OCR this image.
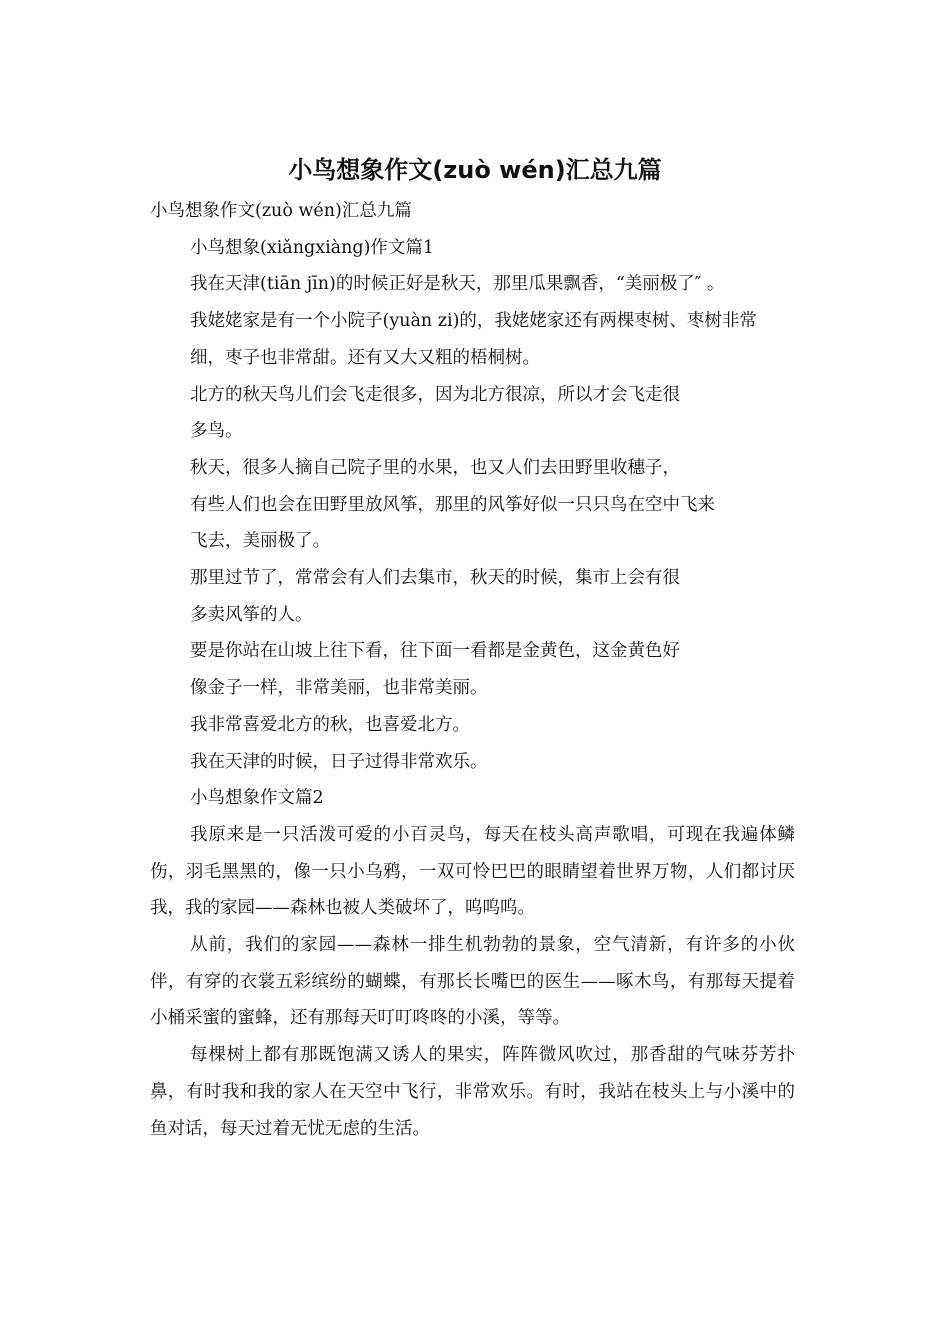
小鸟想象作文(zuò wén)汇总九篇

小鸟想象作文(zuò wén)汇总九篇

小鸟想象(xiǎngxiàng)作文篇1

我在天津(tiān jīn)的时候正好是秋天，那里瓜果飘香，“美丽极了″ 。

我姥姥家是有一个小院子(yuàn zi)的，我姥姥家还有两棵枣树、枣树非常

细，枣子也非常甜。还有又大又粗的梧桐树。

北方的秋天鸟儿们会飞走很多，因为北方很凉，所以才会飞走很

多鸟。

秋天，很多人摘自己院子里的水果，也又人们去田野里收穗子，

有些人们也会在田野里放风筝，那里的风筝好似一只只鸟在空中飞来

飞去，美丽极了。

那里过节了，常常会有人们去集市，秋天的时候，集市上会有很

多卖风筝的人。

要是你站在山坡上往下看，往下面一看都是金黄色，这金黄色好

像金子一样，非常美丽，也非常美丽。

我非常喜爱北方的秋，也喜爱北方。

我在天津的时候，日子过得非常欢乐。

小鸟想象作文篇2

我原来是一只活泼可爱的小百灵鸟，每天在枝头高声歌唱，可现在我遍体鳞伤，羽毛黑黑的，像一只小乌鸦，一双可怜巴巴的眼睛望着世界万物，人们都讨厌我，我的家园——森林也被人类破坏了，呜呜呜。

从前，我们的家园——森林一排生机勃勃的景象，空气清新，有许多的小伙伴，有穿的衣裳五彩缤纷的蝴蝶，有那长长嘴巴的医生——啄木鸟，有那每天提着小桶采蜜的蜜蜂，还有那每天叮叮咚咚的小溪，等等。

每棵树上都有那既饱满又诱人的果实，阵阵微风吹过，那香甜的气味芬芳扑鼻，有时我和我的家人在天空中飞行，非常欢乐。有时，我站在枝头上与小溪中的鱼对话，每天过着无忧无虑的生活。
